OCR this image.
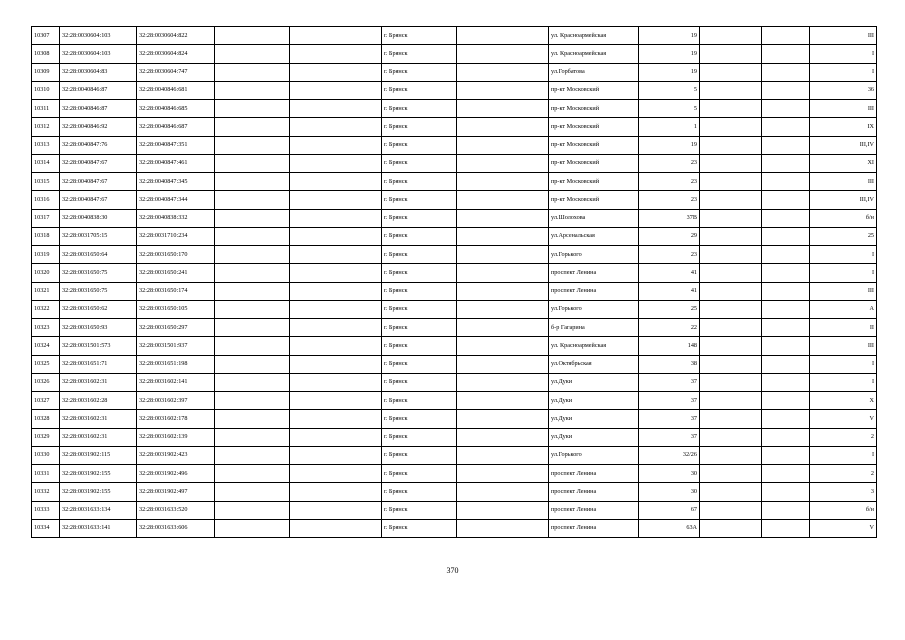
10307	32:28:0030604:103	32:28:0030604:822			г. Брянск		ул. Красноармейская	19			III
10308	32:28:0030604:103	32:28:0030604:824			г. Брянск		ул. Красноармейская	19			I
10309	32:28:0030604:83	32:28:0030604:747			г. Брянск		ул.Горбатова	19			I
10310	32:28:0040846:87	32:28:0040846:681			г. Брянск		пр-кт Московский	5			36
10311	32:28:0040846:87	32:28:0040846:685			г. Брянск		пр-кт Московский	5			III
10312	32:28:0040846:92	32:28:0040846:687			г. Брянск		пр-кт Московский	1			IX
10313	32:28:0040847:76	32:28:0040847:351			г. Брянск		пр-кт Московский	19			III,IV
10314	32:28:0040847:67	32:28:0040847:461			г. Брянск		пр-кт Московский	23			XI
10315	32:28:0040847:67	32:28:0040847:345			г. Брянск		пр-кт Московский	23			III
10316	32:28:0040847:67	32:28:0040847:344			г. Брянск		пр-кт Московский	23			III,IV
10317	32:28:0040838:30	32:28:0040838:332			г. Брянск		ул.Шолохова	37В			б/н
10318	32:28:0031705:15	32:28:0031710:234			г. Брянск		ул.Арсенальская	29			25
10319	32:28:0031650:64	32:28:0031650:170			г. Брянск		ул.Горького	23			I
10320	32:28:0031650:75	32:28:0031650:241			г. Брянск		проспект Ленина	41			I
10321	32:28:0031650:75	32:28:0031650:174			г. Брянск		проспект Ленина	41			III
10322	32:28:0031650:62	32:28:0031650:105			г. Брянск		ул.Горького	25			А
10323	32:28:0031650:93	32:28:0031650:297			г. Брянск		б-р Гагарина	22			II
10324	32:28:0031501:573	32:28:0031501:937			г. Брянск		ул. Красноармейская	148			III
10325	32:28:0031651:71	32:28:0031651:198			г. Брянск		ул.Октябрьская	38			I
10326	32:28:0031602:31	32:28:0031602:141			г. Брянск		ул.Дуки	37			I
10327	32:28:0031602:28	32:28:0031602:397			г. Брянск		ул.Дуки	37			X
10328	32:28:0031602:31	32:28:0031602:178			г. Брянск		ул.Дуки	37			V
10329	32:28:0031602:31	32:28:0031602:139			г. Брянск		ул.Дуки	37			2
10330	32:28:0031902:115	32:28:0031902:423			г. Брянск		ул.Горького	32/26			I
10331	32:28:0031902:155	32:28:0031902:496			г. Брянск		проспект Ленина	30			2
10332	32:28:0031902:155	32:28:0031902:497			г. Брянск		проспект Ленина	30			3
10333	32:28:0031633:134	32:28:0031633:520			г. Брянск		проспект Ленина	67			б/н
10334	32:28:0031633:141	32:28:0031633:606			г. Брянск		проспект Ленина	63А			V
370
